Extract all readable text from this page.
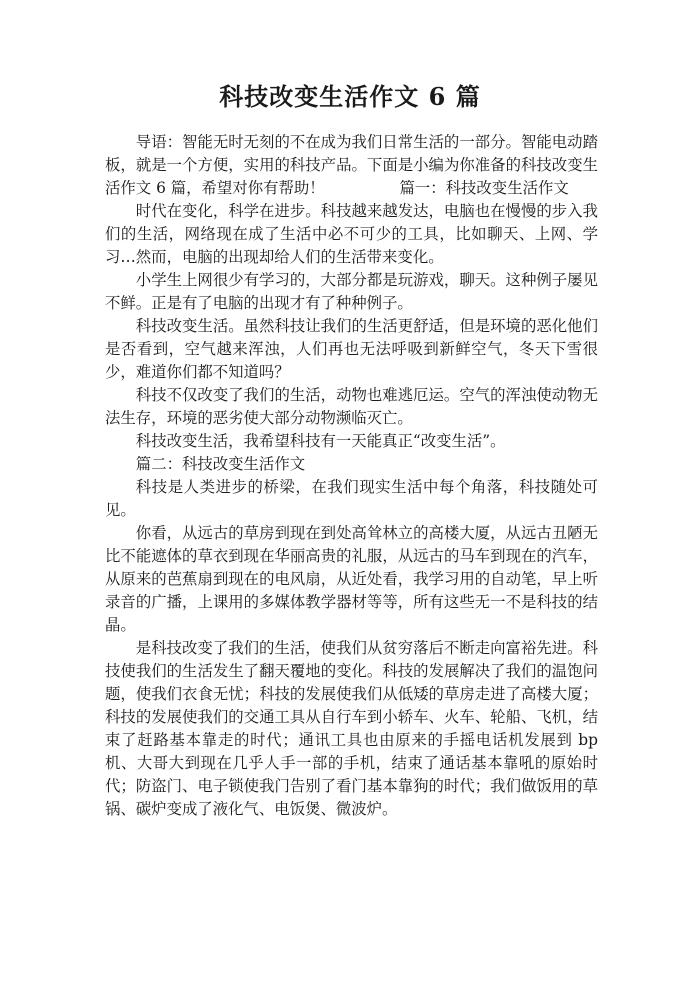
科技改变生活作文 6 篇

导语：智能无时无刻的不在成为我们日常生活的一部分。智能电动踏板，就是一个方便，实用的科技产品。下面是小编为你准备的科技改变生活作文 6 篇，希望对你有帮助！	篇一：科技改变生活作文

时代在变化，科学在进步。科技越来越发达，电脑也在慢慢的步入我们的生活，网络现在成了生活中必不可少的工具，比如聊天、上网、学习…然而，电脑的出现却给人们的生活带来变化。

小学生上网很少有学习的，大部分都是玩游戏，聊天。这种例子屡见不鲜。正是有了电脑的出现才有了种种例子。

科技改变生活。虽然科技让我们的生活更舒适，但是环境的恶化他们是否看到，空气越来浑浊，人们再也无法呼吸到新鲜空气，冬天下雪很少，难道你们都不知道吗？

科技不仅改变了我们的生活，动物也难逃厄运。空气的浑浊使动物无法生存，环境的恶劣使大部分动物濒临灭亡。

科技改变生活，我希望科技有一天能真正“改变生活”。

篇二：科技改变生活作文

科技是人类进步的桥梁，在我们现实生活中每个角落，科技随处可见。

你看，从远古的草房到现在到处高耸林立的高楼大厦，从远古丑陋无比不能遮体的草衣到现在华丽高贵的礼服，从远古的马车到现在的汽车，从原来的芭蕉扇到现在的电风扇，从近处看，我学习用的自动笔，早上听录音的广播，上课用的多媒体教学器材等等，所有这些无一不是科技的结晶。

是科技改变了我们的生活，使我们从贫穷落后不断走向富裕先进。科技使我们的生活发生了翻天覆地的变化。科技的发展解决了我们的温饱问题，使我们衣食无忧；科技的发展使我们从低矮的草房走进了高楼大厦；科技的发展使我们的交通工具从自行车到小轿车、火车、轮船、飞机，结束了赶路基本靠走的时代；通讯工具也由原来的手摇电话机发展到 bp 机、大哥大到现在几乎人手一部的手机，结束了通话基本靠吼的原始时代；防盗门、电子锁使我门告别了看门基本靠狗的时代；我们做饭用的草锅、碳炉变成了液化气、电饭煲、微波炉。
